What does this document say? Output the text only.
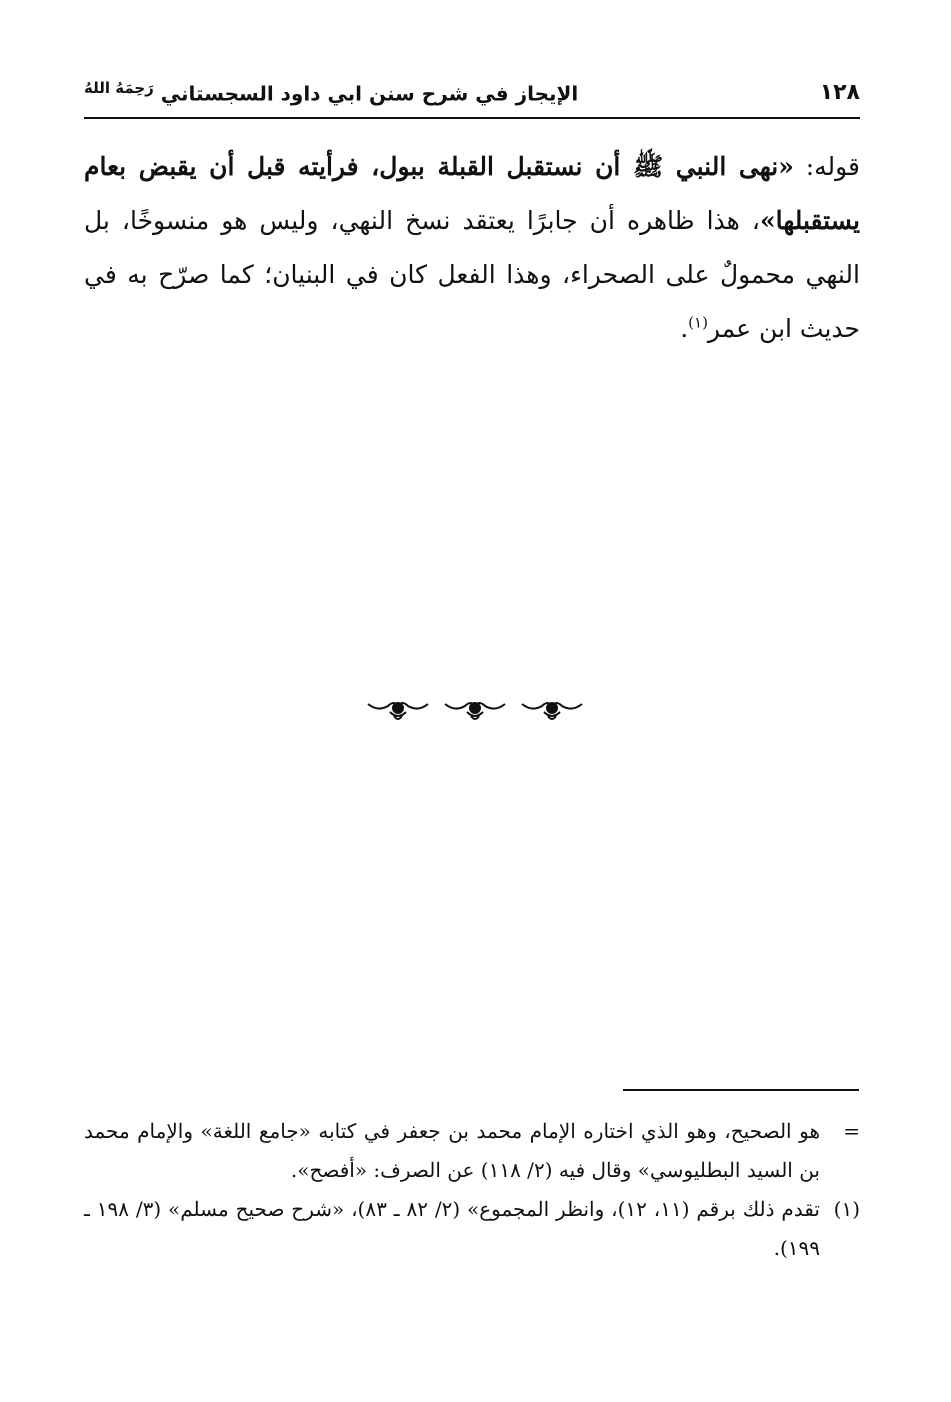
١٢٨
الإيجاز في شرح سنن ابي داود السجستاني $^{رَحِمَهُ اللهُ}$

قوله: «نهى النبي ﷺ أن نستقبل القبلة ببول، فرأيته قبل أن يقبض بعام يستقبلها»، هذا ظاهره أن جابرًا يعتقد نسخ النهي، وليس هو منسوخًا، بل النهي محمولٌ على الصحراء، وهذا الفعل كان في البنيان؛ كما صرّح به في حديث ابن عمر$^{(١)}$.

=
هو الصحيح، وهو الذي اختاره الإمام محمد بن جعفر في كتابه «جامع اللغة» والإمام محمد بن السيد البطليوسي» وقال فيه (٢/ ١١٨) عن الصرف: «أفصح».

(١)
تقدم ذلك برقم (١١، ١٢)، وانظر المجموع» (٢/ ٨٢ ـ ٨٣)، «شرح صحيح مسلم» (٣/ ١٩٨ ـ ١٩٩).
